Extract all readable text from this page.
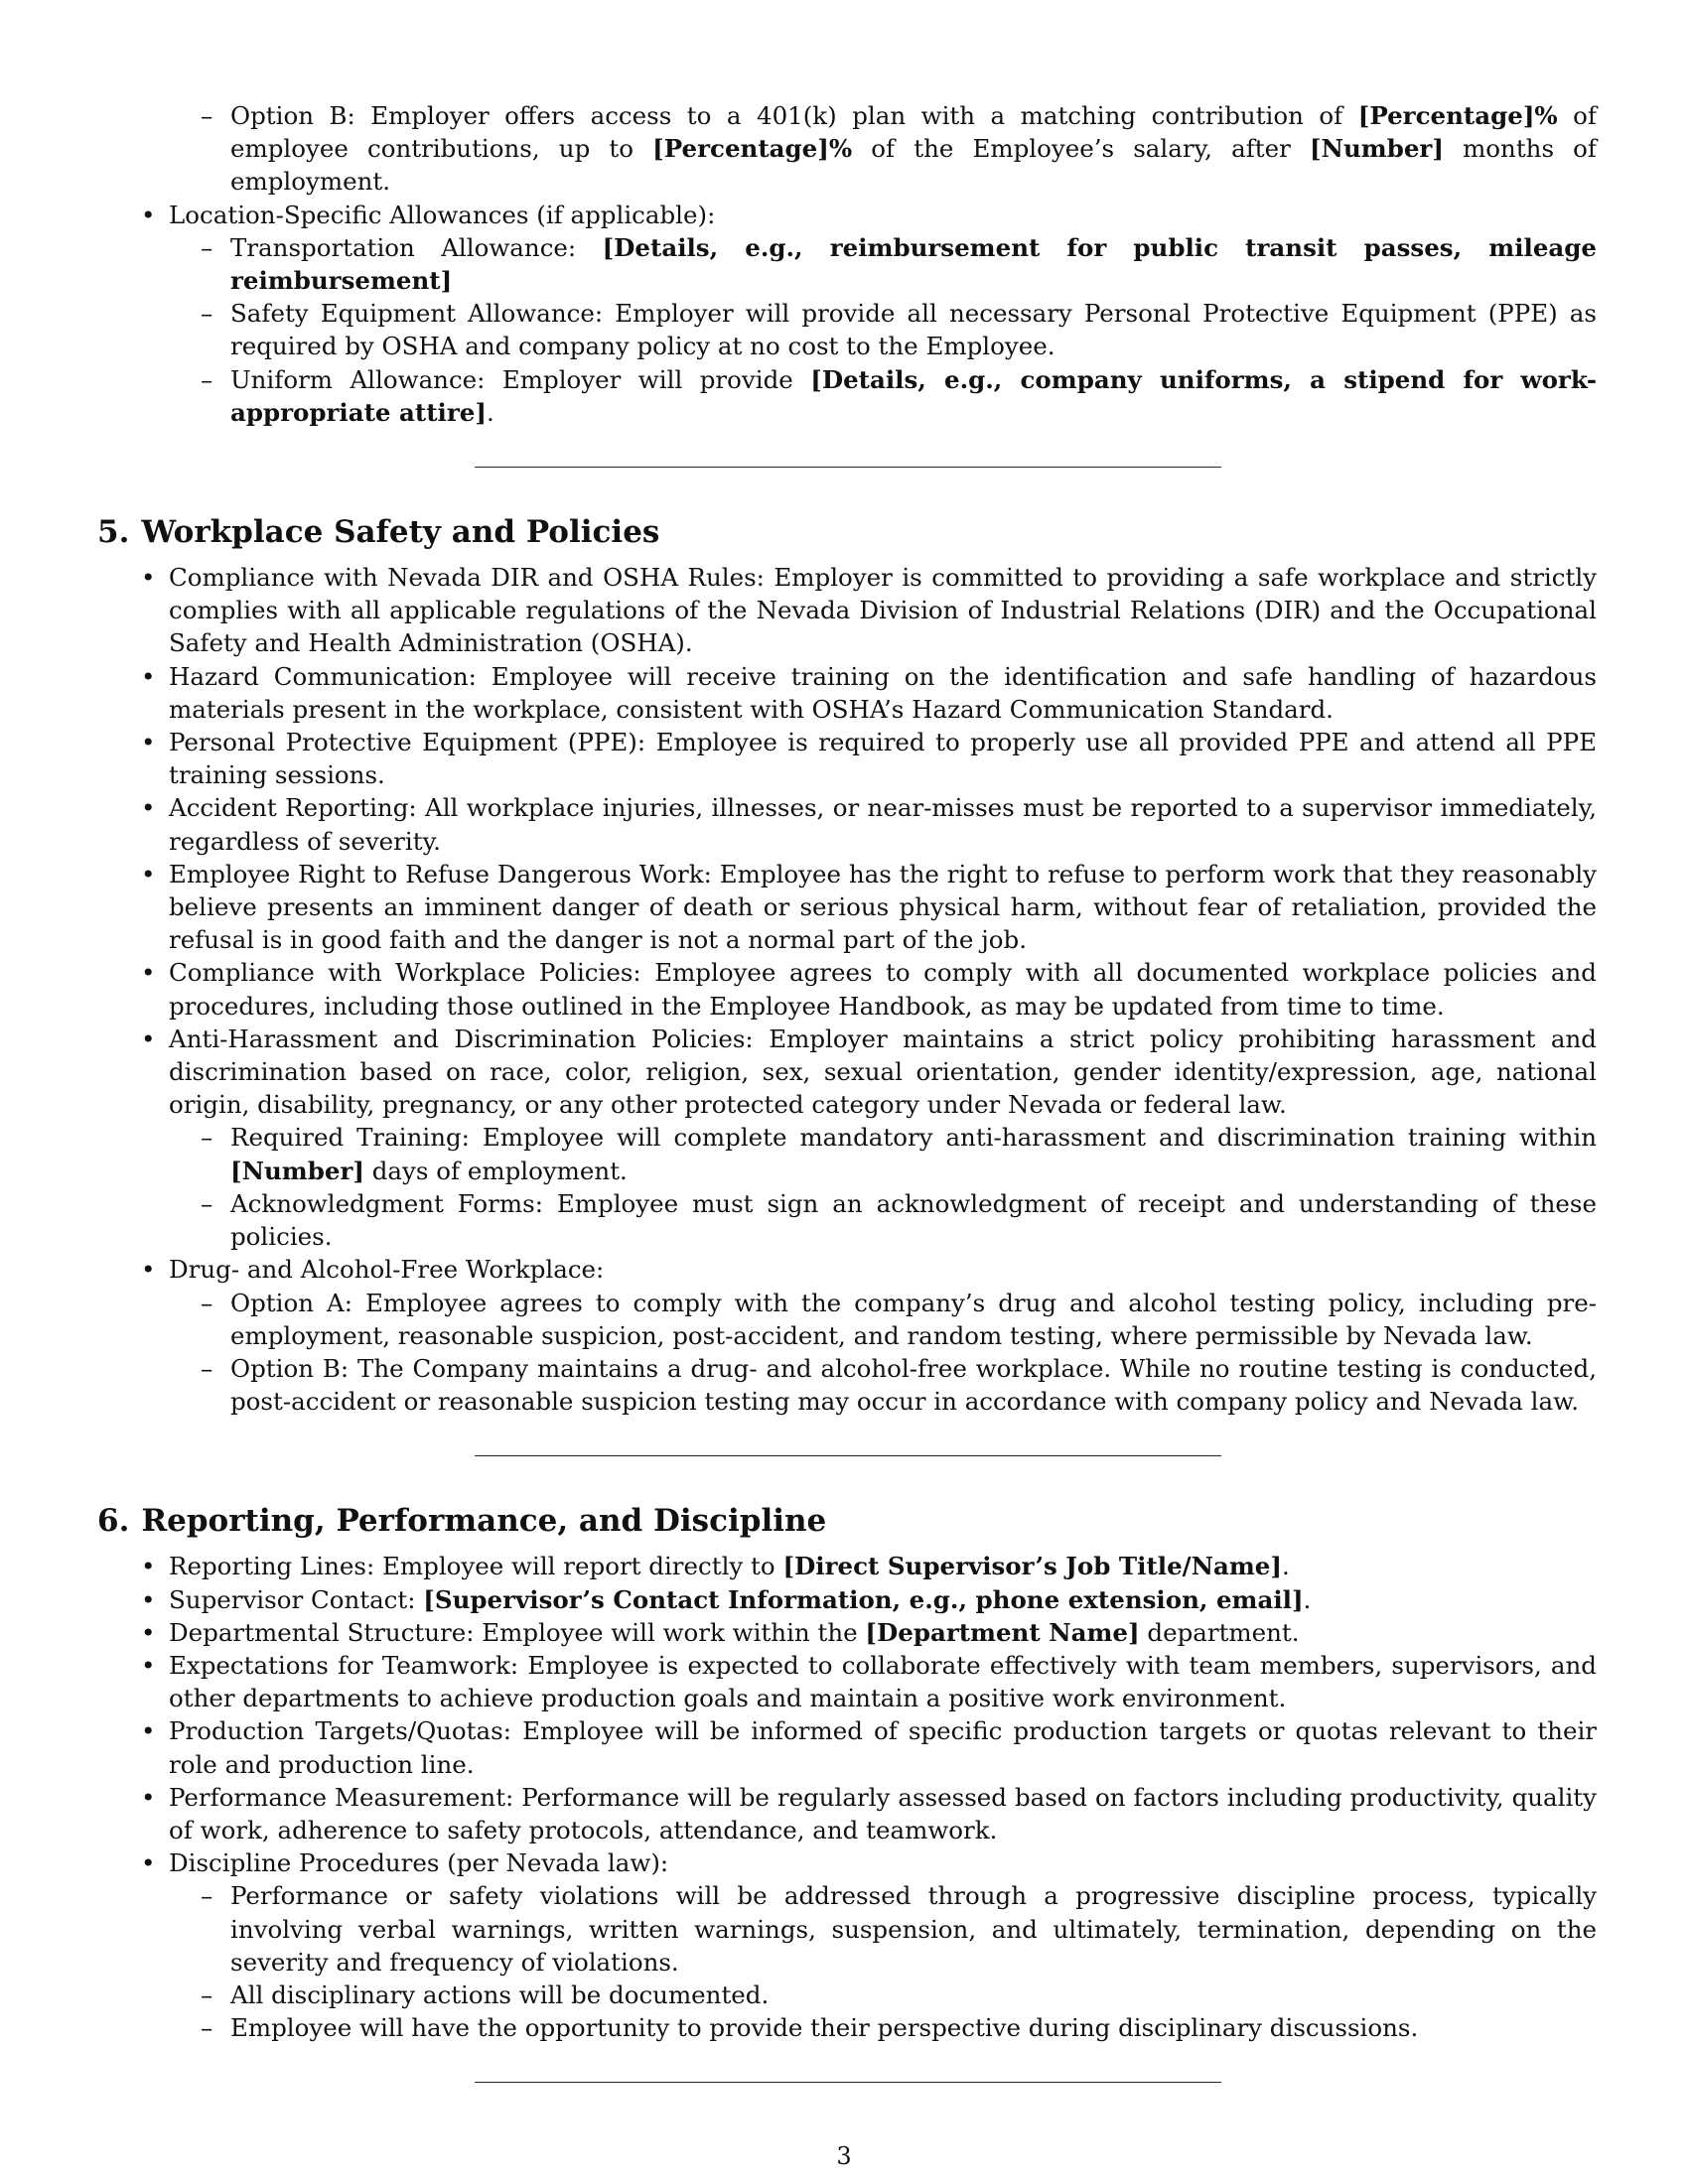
– Option B: Employer offers access to a 401(k) plan with a matching contribution of [Percentage]% of employee contributions, up to [Percentage]% of the Employee’s salary, after [Number] months of employment.
• Location-Specific Allowances (if applicable):
– Transportation Allowance: [Details, e.g., reimbursement for public transit passes, mileage reimbursement]
– Safety Equipment Allowance: Employer will provide all necessary Personal Protective Equipment (PPE) as required by OSHA and company policy at no cost to the Employee.
– Uniform Allowance: Employer will provide [Details, e.g., company uniforms, a stipend for work-appropriate attire].
5. Workplace Safety and Policies
• Compliance with Nevada DIR and OSHA Rules: Employer is committed to providing a safe workplace and strictly complies with all applicable regulations of the Nevada Division of Industrial Relations (DIR) and the Occupational Safety and Health Administration (OSHA).
• Hazard Communication: Employee will receive training on the identification and safe handling of hazardous materials present in the workplace, consistent with OSHA’s Hazard Communication Standard.
• Personal Protective Equipment (PPE): Employee is required to properly use all provided PPE and attend all PPE training sessions.
• Accident Reporting: All workplace injuries, illnesses, or near-misses must be reported to a supervisor immediately, regardless of severity.
• Employee Right to Refuse Dangerous Work: Employee has the right to refuse to perform work that they reasonably believe presents an imminent danger of death or serious physical harm, without fear of retaliation, provided the refusal is in good faith and the danger is not a normal part of the job.
• Compliance with Workplace Policies: Employee agrees to comply with all documented workplace policies and procedures, including those outlined in the Employee Handbook, as may be updated from time to time.
• Anti-Harassment and Discrimination Policies: Employer maintains a strict policy prohibiting harassment and discrimination based on race, color, religion, sex, sexual orientation, gender identity/expression, age, national origin, disability, pregnancy, or any other protected category under Nevada or federal law.
– Required Training: Employee will complete mandatory anti-harassment and discrimination training within [Number] days of employment.
– Acknowledgment Forms: Employee must sign an acknowledgment of receipt and understanding of these policies.
• Drug- and Alcohol-Free Workplace:
– Option A: Employee agrees to comply with the company’s drug and alcohol testing policy, including pre-employment, reasonable suspicion, post-accident, and random testing, where permissible by Nevada law.
– Option B: The Company maintains a drug- and alcohol-free workplace. While no routine testing is conducted, post-accident or reasonable suspicion testing may occur in accordance with company policy and Nevada law.
6. Reporting, Performance, and Discipline
• Reporting Lines: Employee will report directly to [Direct Supervisor’s Job Title/Name].
• Supervisor Contact: [Supervisor’s Contact Information, e.g., phone extension, email].
• Departmental Structure: Employee will work within the [Department Name] department.
• Expectations for Teamwork: Employee is expected to collaborate effectively with team members, supervisors, and other departments to achieve production goals and maintain a positive work environment.
• Production Targets/Quotas: Employee will be informed of specific production targets or quotas relevant to their role and production line.
• Performance Measurement: Performance will be regularly assessed based on factors including productivity, quality of work, adherence to safety protocols, attendance, and teamwork.
• Discipline Procedures (per Nevada law):
– Performance or safety violations will be addressed through a progressive discipline process, typically involving verbal warnings, written warnings, suspension, and ultimately, termination, depending on the severity and frequency of violations.
– All disciplinary actions will be documented.
– Employee will have the opportunity to provide their perspective during disciplinary discussions.
3
